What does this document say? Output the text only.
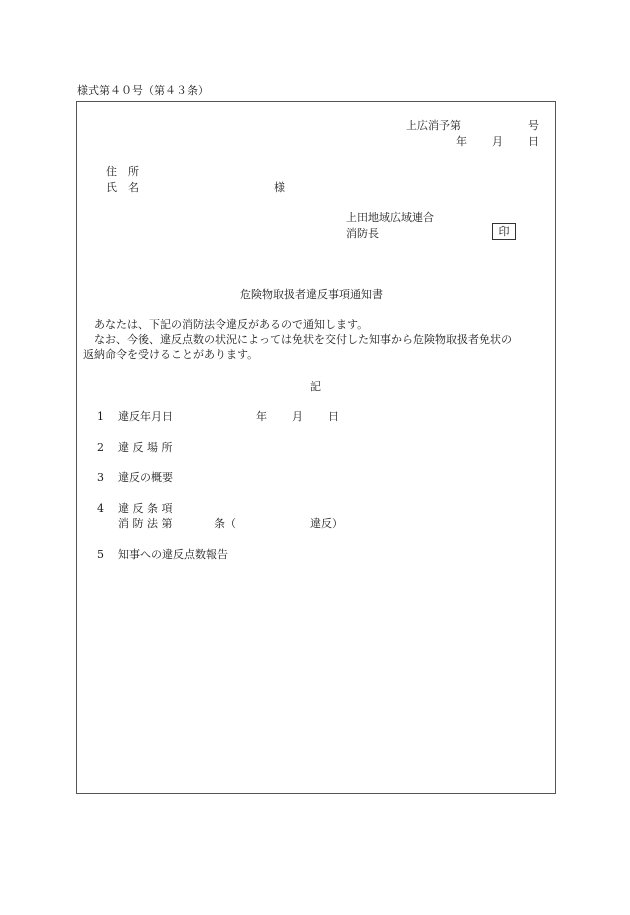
様式第４０号（第４３条）
上広消予第	号
年 月 日
住　所
氏　名	様
上田地域広域連合
消防長	印
危険物取扱者違反事項通知書
あなたは、下記の消防法令違反があるので通知します。
なお、今後、違反点数の状況によっては免状を交付した知事から危険物取扱者免状の
返納命令を受けることがあります。
記
1 違反年月日	年 月 日
2 違 反 場 所
3 違反の概要
4 違 反 条 項
消 防 法 第	条（	違反）
5 知事への違反点数報告
